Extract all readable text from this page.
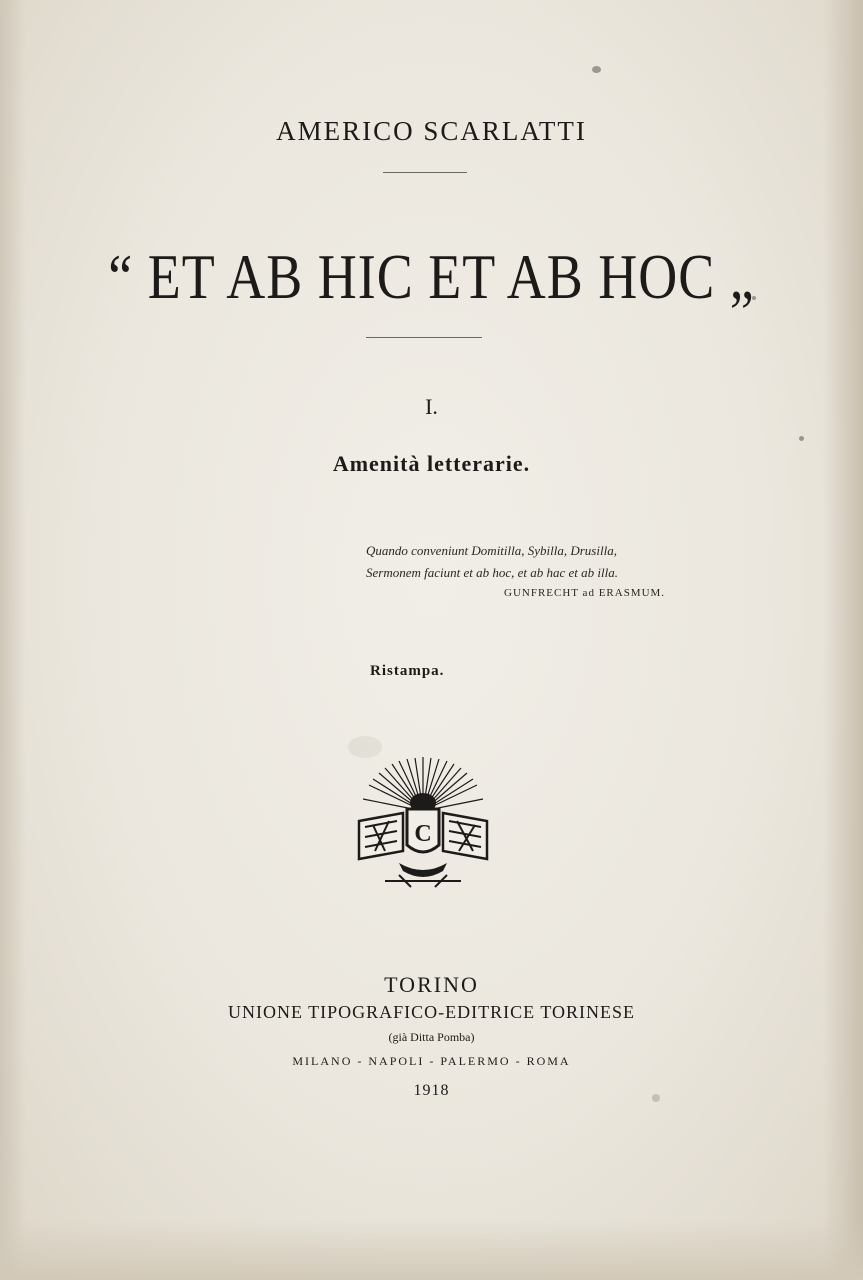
AMERICO SCARLATTI
“ ET AB HIC ET AB HOC „
I.
Amenità letterarie.
Quando conveniunt Domitilla, Sybilla, Drusilla,
Sermonem faciunt et ab hoc, et ab hac et ab illa.
GUNFRECHT ad ERASMUM.
Ristampa.
C
TORINO
UNIONE TIPOGRAFICO-EDITRICE TORINESE
(già Ditta Pomba)
MILANO - NAPOLI - PALERMO - ROMA
1918
